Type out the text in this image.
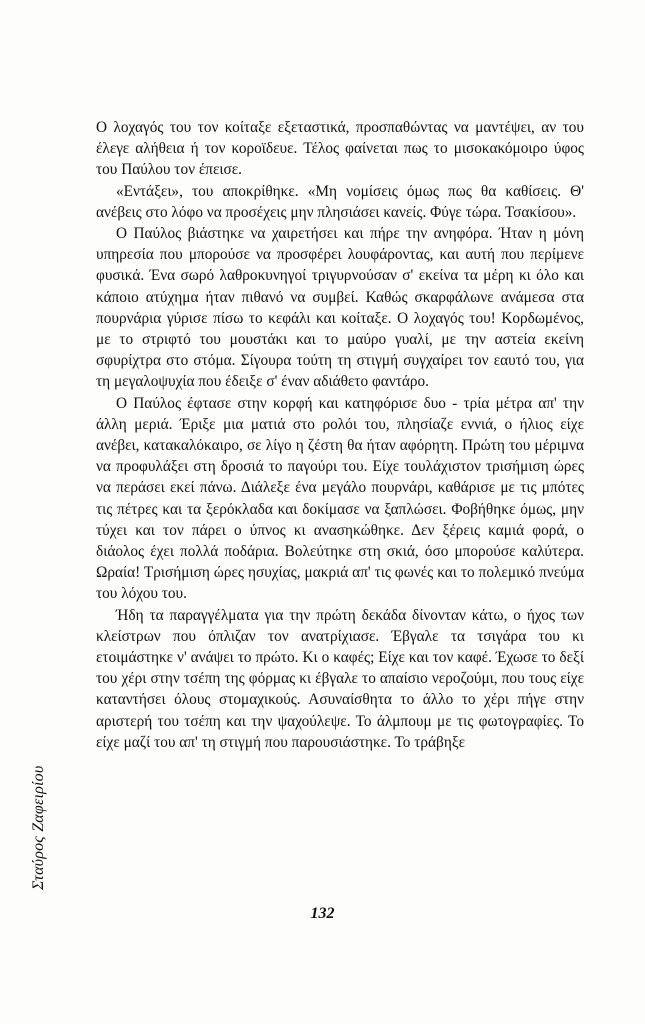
Ο λοχαγός του τον κοίταξε εξεταστικά, προσπαθώντας να μαντέψει, αν του έλεγε αλήθεια ή τον κοροϊδευε. Τέλος φαίνεται πως το μισοκακόμοιρο ύφος του Παύλου τον έπεισε.

«Εντάξει», του αποκρίθηκε. «Μη νομίσεις όμως πως θα καθίσεις. Θ' ανέβεις στο λόφο να προσέχεις μην πλησιάσει κανείς. Φύγε τώρα. Τσακίσου».

Ο Παύλος βιάστηκε να χαιρετήσει και πήρε την ανηφόρα. Ήταν η μόνη υπηρεσία που μπορούσε να προσφέρει λουφάροντας, και αυτή που περίμενε φυσικά. Ένα σωρό λαθροκυνηγοί τριγυρνούσαν σ' εκείνα τα μέρη κι όλο και κάποιο ατύχημα ήταν πιθανό να συμβεί. Καθώς σκαρφάλωνε ανάμεσα στα πουρνάρια γύρισε πίσω το κεφάλι και κοίταξε. Ο λοχαγός του! Κορδωμένος, με το στριφτό του μουστάκι και το μαύρο γυαλί, με την αστεία εκείνη σφυρίχτρα στο στόμα. Σίγουρα τούτη τη στιγμή συγχαίρει τον εαυτό του, για τη μεγαλοψυχία που έδειξε σ' έναν αδιάθετο φαντάρο.

Ο Παύλος έφτασε στην κορφή και κατηφόρισε δυο - τρία μέτρα απ' την άλλη μεριά. Έριξε μια ματιά στο ρολόι του, πλησίαζε εννιά, ο ήλιος είχε ανέβει, κατακαλόκαιρο, σε λίγο η ζέστη θα ήταν αφόρητη. Πρώτη του μέριμνα να προφυλάξει στη δροσιά το παγούρι του. Είχε τουλάχιστον τρισήμιση ώρες να περάσει εκεί πάνω. Διάλεξε ένα μεγάλο πουρνάρι, καθάρισε με τις μπότες τις πέτρες και τα ξερόκλαδα και δοκίμασε να ξαπλώσει. Φοβήθηκε όμως, μην τύχει και τον πάρει ο ύπνος κι ανασηκώθηκε. Δεν ξέρεις καμιά φορά, ο διάολος έχει πολλά ποδάρια. Βολεύτηκε στη σκιά, όσο μπορούσε καλύτερα. Ωραία! Τρισήμιση ώρες ησυχίας, μακριά απ' τις φωνές και το πολεμικό πνεύμα του λόχου του.

Ήδη τα παραγγέλματα για την πρώτη δεκάδα δίνονταν κάτω, ο ήχος των κλείστρων που όπλιζαν τον ανατρίχιασε. Έβγαλε τα τσιγάρα του κι ετοιμάστηκε ν' ανάψει το πρώτο. Κι ο καφές; Είχε και τον καφέ. Έχωσε το δεξί του χέρι στην τσέπη της φόρμας κι έβγαλε το απαίσιο νεροζούμι, που τους είχε καταντήσει όλους στομαχικούς. Ασυναίσθητα το άλλο το χέρι πήγε στην αριστερή του τσέπη και την ψαχούλεψε. Το άλμπουμ με τις φωτογραφίες. Το είχε μαζί του απ' τη στιγμή που παρουσιάστηκε. Το τράβηξε

Σταύρος Ζαφειρίου
132
